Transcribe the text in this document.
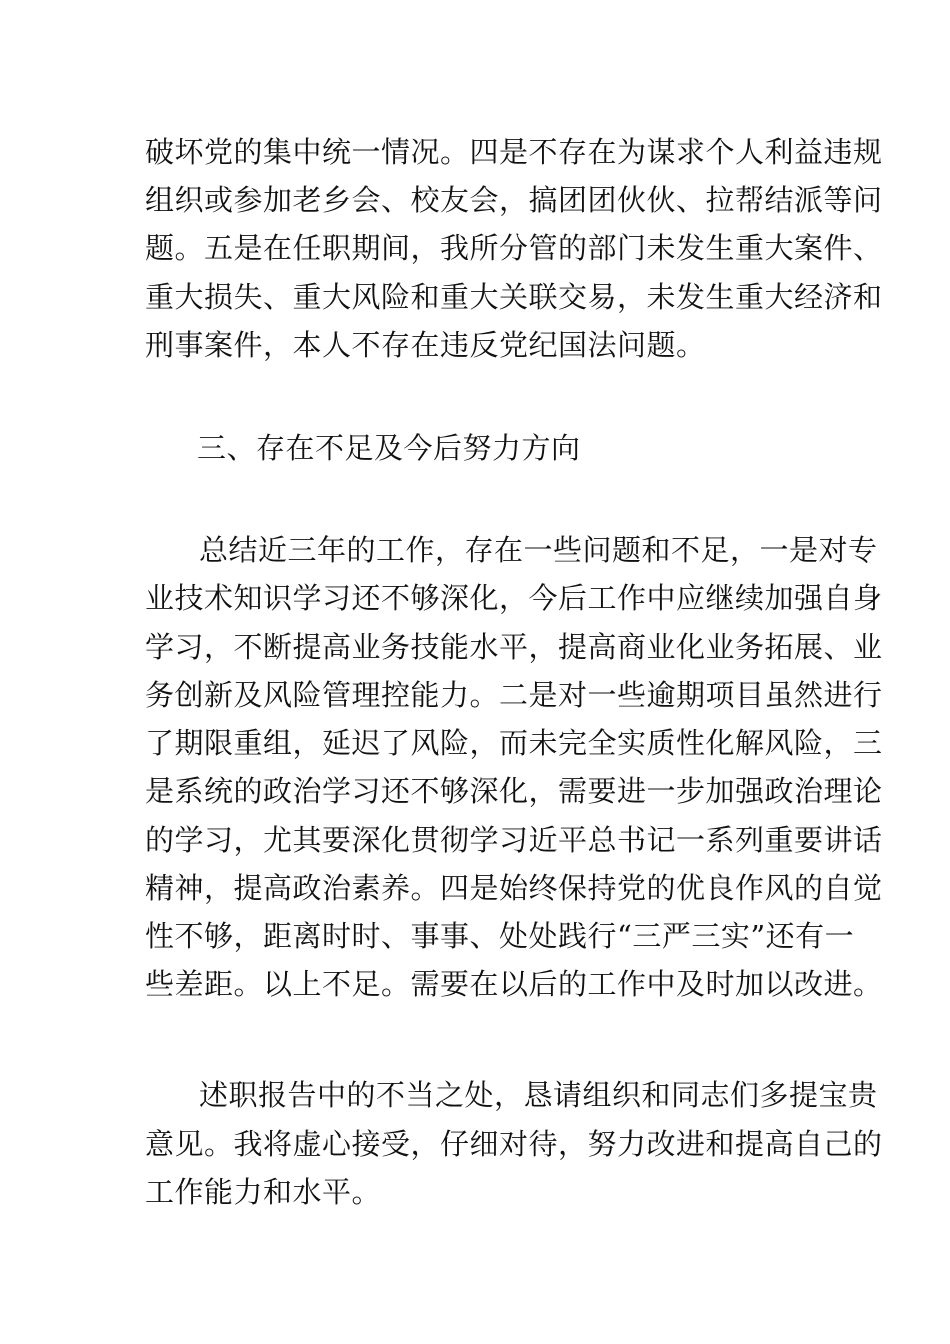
破坏党的集中统一情况。四是不存在为谋求个人利益违规
组织或参加老乡会、校友会，搞团团伙伙、拉帮结派等问
题。五是在任职期间，我所分管的部门未发生重大案件、
重大损失、重大风险和重大关联交易，未发生重大经济和
刑事案件，本人不存在违反党纪国法问题。
三、存在不足及今后努力方向
总结近三年的工作，存在一些问题和不足，一是对专
业技术知识学习还不够深化，今后工作中应继续加强自身
学习，不断提高业务技能水平，提高商业化业务拓展、业
务创新及风险管理控能力。二是对一些逾期项目虽然进行
了期限重组，延迟了风险，而未完全实质性化解风险，三
是系统的政治学习还不够深化，需要进一步加强政治理论
的学习，尤其要深化贯彻学习近平总书记一系列重要讲话
精神，提高政治素养。四是始终保持党的优良作风的自觉
性不够，距离时时、事事、处处践行“三严三实”还有一
些差距。以上不足。需要在以后的工作中及时加以改进。
述职报告中的不当之处，恳请组织和同志们多提宝贵
意见。我将虚心接受，仔细对待，努力改进和提高自己的
工作能力和水平。
